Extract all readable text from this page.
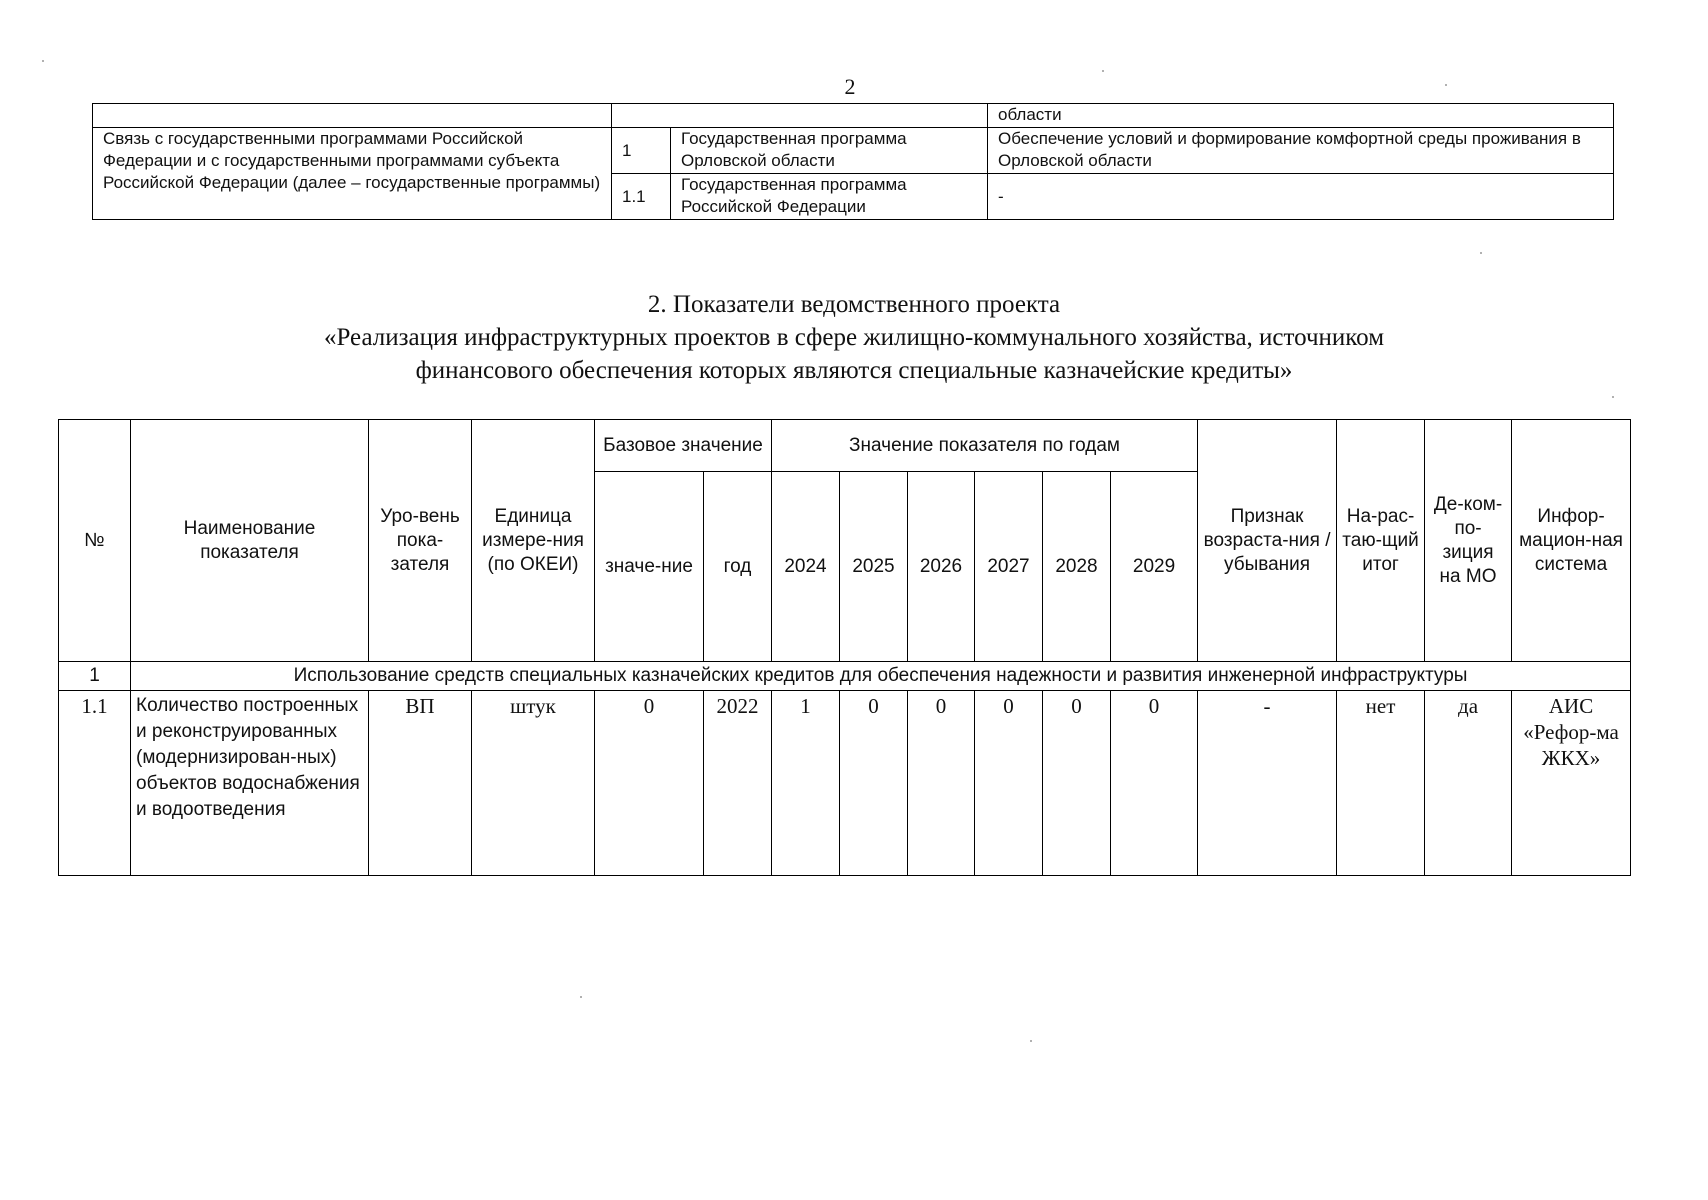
2
			области
Связь с государственными программами Российской Федерации и с государственными программами субъекта Российской Федерации (далее – государственные программы)	1	Государственная программа Орловской области	Обеспечение условий и формирование комфортной среды проживания в Орловской области
	1.1	Государственная программа Российской Федерации	-
2. Показатели ведомственного проекта
«Реализация инфраструктурных проектов в сфере жилищно-коммунального хозяйства, источником
финансового обеспечения которых являются специальные казначейские кредиты»
№	Наименование показателя	Уро-вень пока-зателя	Единица измере-ния (по ОКЕИ)	Базовое значение		Значение показателя по годам						Признак возраста-ния / убывания	На-рас-таю-щий итог	Де-ком-по-зиция на МО	Инфор-мацион-ная система
				значе-ние	год	2024	2025	2026	2027	2028	2029				
1	Использование средств специальных казначейских кредитов для обеспечения надежности и развития инженерной инфраструктуры														
1.1	Количество построенных и реконструированных (модернизирован-ных) объектов водоснабжения и водоотведения	ВП	штук	0	2022	1	0	0	0	0	0	-	нет	да	АИС «Рефор-ма ЖКХ»
